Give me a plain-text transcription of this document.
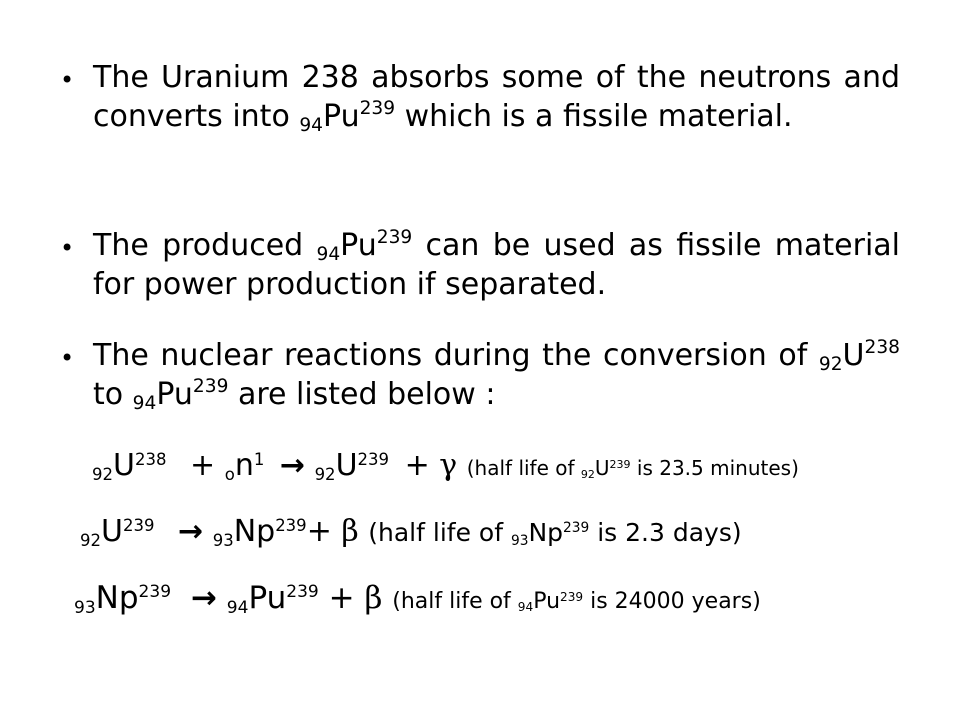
• The Uranium 238 absorbs some of the neutrons and converts into $_{94}Pu^{239}$ which is a fissile material.
• The produced $_{94}Pu^{239}$ can be used as fissile material for power production if separated.
• The nuclear reactions during the conversion of $_{92}U^{238}$ to $_{94}Pu^{239}$ are listed below :
$_{92}U^{238} + _on^1 \to _{92}U^{239} + \gamma$ (half life of $_{92}U^{239}$ is 23.5 minutes)
$_{92}U^{239} \to _{93}Np^{239}+ \beta$ (half life of $_{93}Np^{239}$ is 2.3 days)
$_{93}Np^{239} \to _{94}Pu^{239} + \beta$ (half life of $_{94}Pu^{239}$ is 24000 years)
